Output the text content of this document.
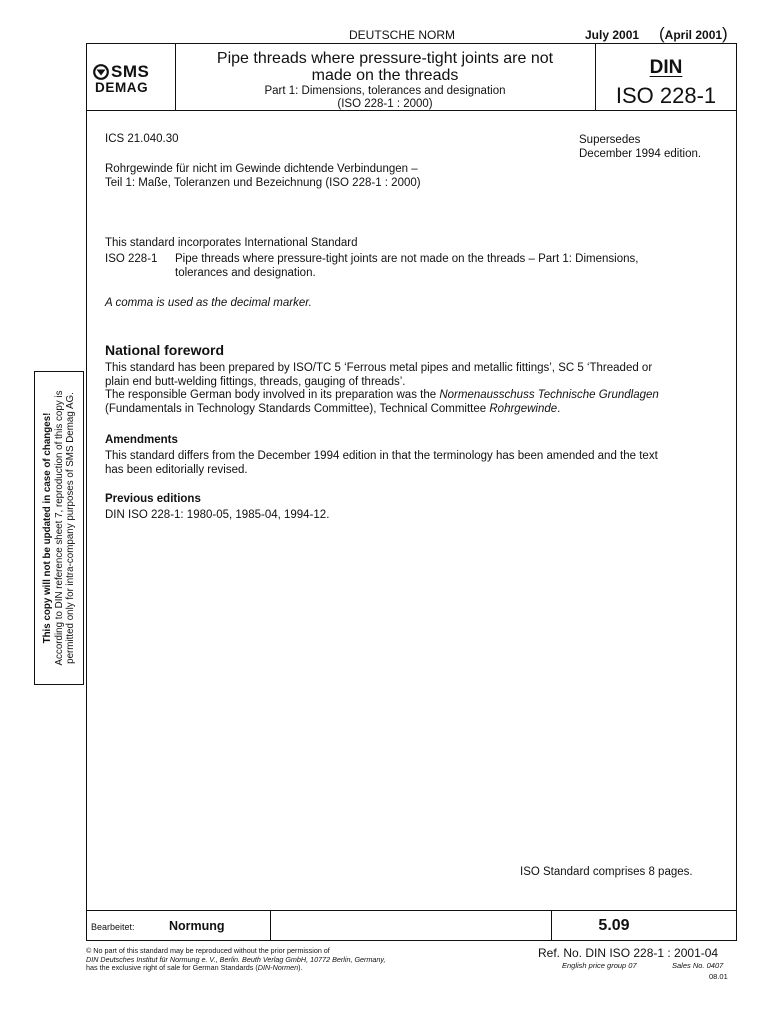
DEUTSCHE NORM	July 2001 (April 2001)
SMS
DEMAG
Pipe threads where pressure-tight joints are not
made on the threads
Part 1: Dimensions, tolerances and designation
(ISO 228-1 : 2000)
DIN
ISO 228-1
ICS 21.040.30	Supersedes
December 1994 edition.
Rohrgewinde für nicht im Gewinde dichtende Verbindungen –
Teil 1: Maße, Toleranzen und Bezeichnung (ISO 228-1 : 2000)
This standard incorporates International Standard
ISO 228-1 Pipe threads where pressure-tight joints are not made on the threads – Part 1: Dimensions,
tolerances and designation.
A comma is used as the decimal marker.
National foreword
This standard has been prepared by ISO/TC 5 ‘Ferrous metal pipes and metallic fittings’, SC 5 ‘Threaded or
plain end butt-welding fittings, threads, gauging of threads’.
The responsible German body involved in its preparation was the Normenausschuss Technische Grundlagen
(Fundamentals in Technology Standards Committee), Technical Committee Rohrgewinde.
Amendments
This standard differs from the December 1994 edition in that the terminology has been amended and the text
has been editorially revised.
Previous editions
DIN ISO 228-1: 1980-05, 1985-04, 1994-12.
ISO Standard comprises 8 pages.
This copy will not be updated in case of changes! According to DIN reference sheet 7, reproduction of this copy is permitted only for intra-company purposes of SMS Demag AG.
Bearbeitet:	Normung	5.09
© No part of this standard may be reproduced without the prior permission of
DIN Deutsches Institut für Normung e. V., Berlin. Beuth Verlag GmbH, 10772 Berlin, Germany,
has the exclusive right of sale for German Standards (DIN-Normen).
Ref. No. DIN ISO 228-1 : 2001-04
English price group 07	Sales No. 0407
08.01
